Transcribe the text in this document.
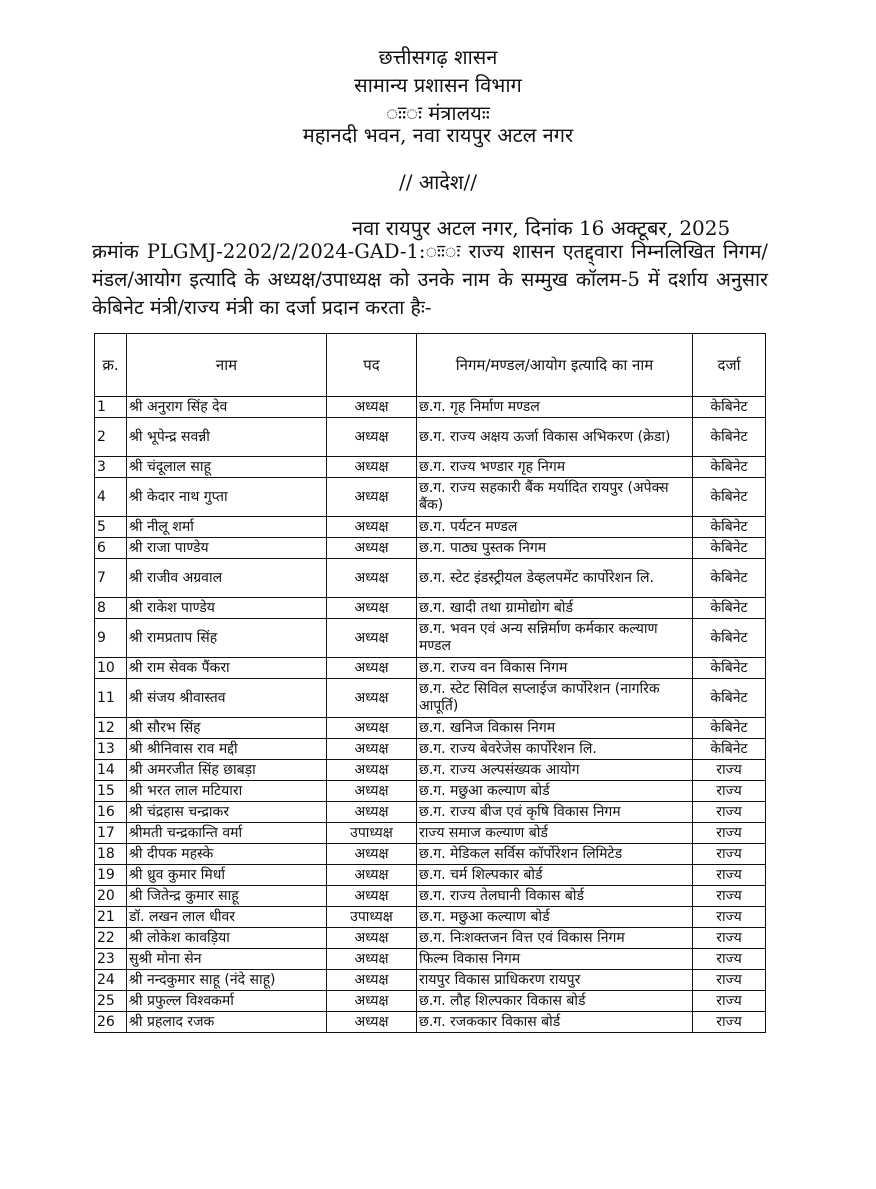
छत्तीसगढ़ शासन
सामान्य प्रशासन विभाग
ःःः मंत्रालयःः
महानदी भवन, नवा रायपुर अटल नगर
// आदेश//
नवा रायपुर अटल नगर, दिनांक 16 अक्टूबर, 2025
क्रमांक PLGMJ-2202/2/2024-GAD-1:ःःः राज्य शासन एतद्द्वारा निम्नलिखित निगम/मंडल/आयोग इत्यादि के अध्यक्ष/उपाध्यक्ष को उनके नाम के सम्मुख कॉलम-5 में दर्शाय अनुसार केबिनेट मंत्री/राज्य मंत्री का दर्जा प्रदान करता हैः-
क्र.	नाम	पद	निगम/मण्डल/आयोग इत्यादि का नाम	दर्जा
1	श्री अनुराग सिंह देव	अध्यक्ष	छ.ग. गृह निर्माण मण्डल	केबिनेट
2	श्री भूपेन्द्र सवन्नी	अध्यक्ष	छ.ग. राज्य अक्षय ऊर्जा विकास अभिकरण (क्रेडा)	केबिनेट
3	श्री चंदूलाल साहू	अध्यक्ष	छ.ग. राज्य भण्डार गृह निगम	केबिनेट
4	श्री केदार नाथ गुप्ता	अध्यक्ष	छ.ग. राज्य सहकारी बैंक मर्यादित रायपुर (अपेक्स बैंक)	केबिनेट
5	श्री नीलू शर्मा	अध्यक्ष	छ.ग. पर्यटन मण्डल	केबिनेट
6	श्री राजा पाण्डेय	अध्यक्ष	छ.ग. पाठ्य पुस्तक निगम	केबिनेट
7	श्री राजीव अग्रवाल	अध्यक्ष	छ.ग. स्टेट इंडस्ट्रीयल डेव्हलपमेंट कार्पोरेशन लि.	केबिनेट
8	श्री राकेश पाण्डेय	अध्यक्ष	छ.ग. खादी तथा ग्रामोद्योग बोर्ड	केबिनेट
9	श्री रामप्रताप सिंह	अध्यक्ष	छ.ग. भवन एवं अन्य सन्निर्माण कर्मकार कल्याण मण्डल	केबिनेट
10	श्री राम सेवक पैंकरा	अध्यक्ष	छ.ग. राज्य वन विकास निगम	केबिनेट
11	श्री संजय श्रीवास्तव	अध्यक्ष	छ.ग. स्टेट सिविल सप्लाईज कार्पोरेशन (नागरिक आपूर्ति)	केबिनेट
12	श्री सौरभ सिंह	अध्यक्ष	छ.ग. खनिज विकास निगम	केबिनेट
13	श्री श्रीनिवास राव मद्दी	अध्यक्ष	छ.ग. राज्य बेवरेजेस कार्पोरेशन लि.	केबिनेट
14	श्री अमरजीत सिंह छाबड़ा	अध्यक्ष	छ.ग. राज्य अल्पसंख्यक आयोग	राज्य
15	श्री भरत लाल मटियारा	अध्यक्ष	छ.ग. मछुआ कल्याण बोर्ड	राज्य
16	श्री चंद्रहास चन्द्राकर	अध्यक्ष	छ.ग. राज्य बीज एवं कृषि विकास निगम	राज्य
17	श्रीमती चन्द्रकान्ति वर्मा	उपाध्यक्ष	राज्य समाज कल्याण बोर्ड	राज्य
18	श्री दीपक महस्के	अध्यक्ष	छ.ग. मेडिकल सर्विस कॉर्पोरेशन लिमिटेड	राज्य
19	श्री ध्रुव कुमार मिर्धा	अध्यक्ष	छ.ग. चर्म शिल्पकार बोर्ड	राज्य
20	श्री जितेन्द्र कुमार साहू	अध्यक्ष	छ.ग. राज्य तेलघानी विकास बोर्ड	राज्य
21	डॉ. लखन लाल धीवर	उपाध्यक्ष	छ.ग. मछुआ कल्याण बोर्ड	राज्य
22	श्री लोकेश कावड़िया	अध्यक्ष	छ.ग. निःशक्तजन वित्त एवं विकास निगम	राज्य
23	सुश्री मोना सेन	अध्यक्ष	फिल्म विकास निगम	राज्य
24	श्री नन्दकुमार साहू (नंदे साहू)	अध्यक्ष	रायपुर विकास प्राधिकरण रायपुर	राज्य
25	श्री प्रफुल्ल विश्वकर्मा	अध्यक्ष	छ.ग. लौह शिल्पकार विकास बोर्ड	राज्य
26	श्री प्रहलाद रजक	अध्यक्ष	छ.ग. रजककार विकास बोर्ड	राज्य
